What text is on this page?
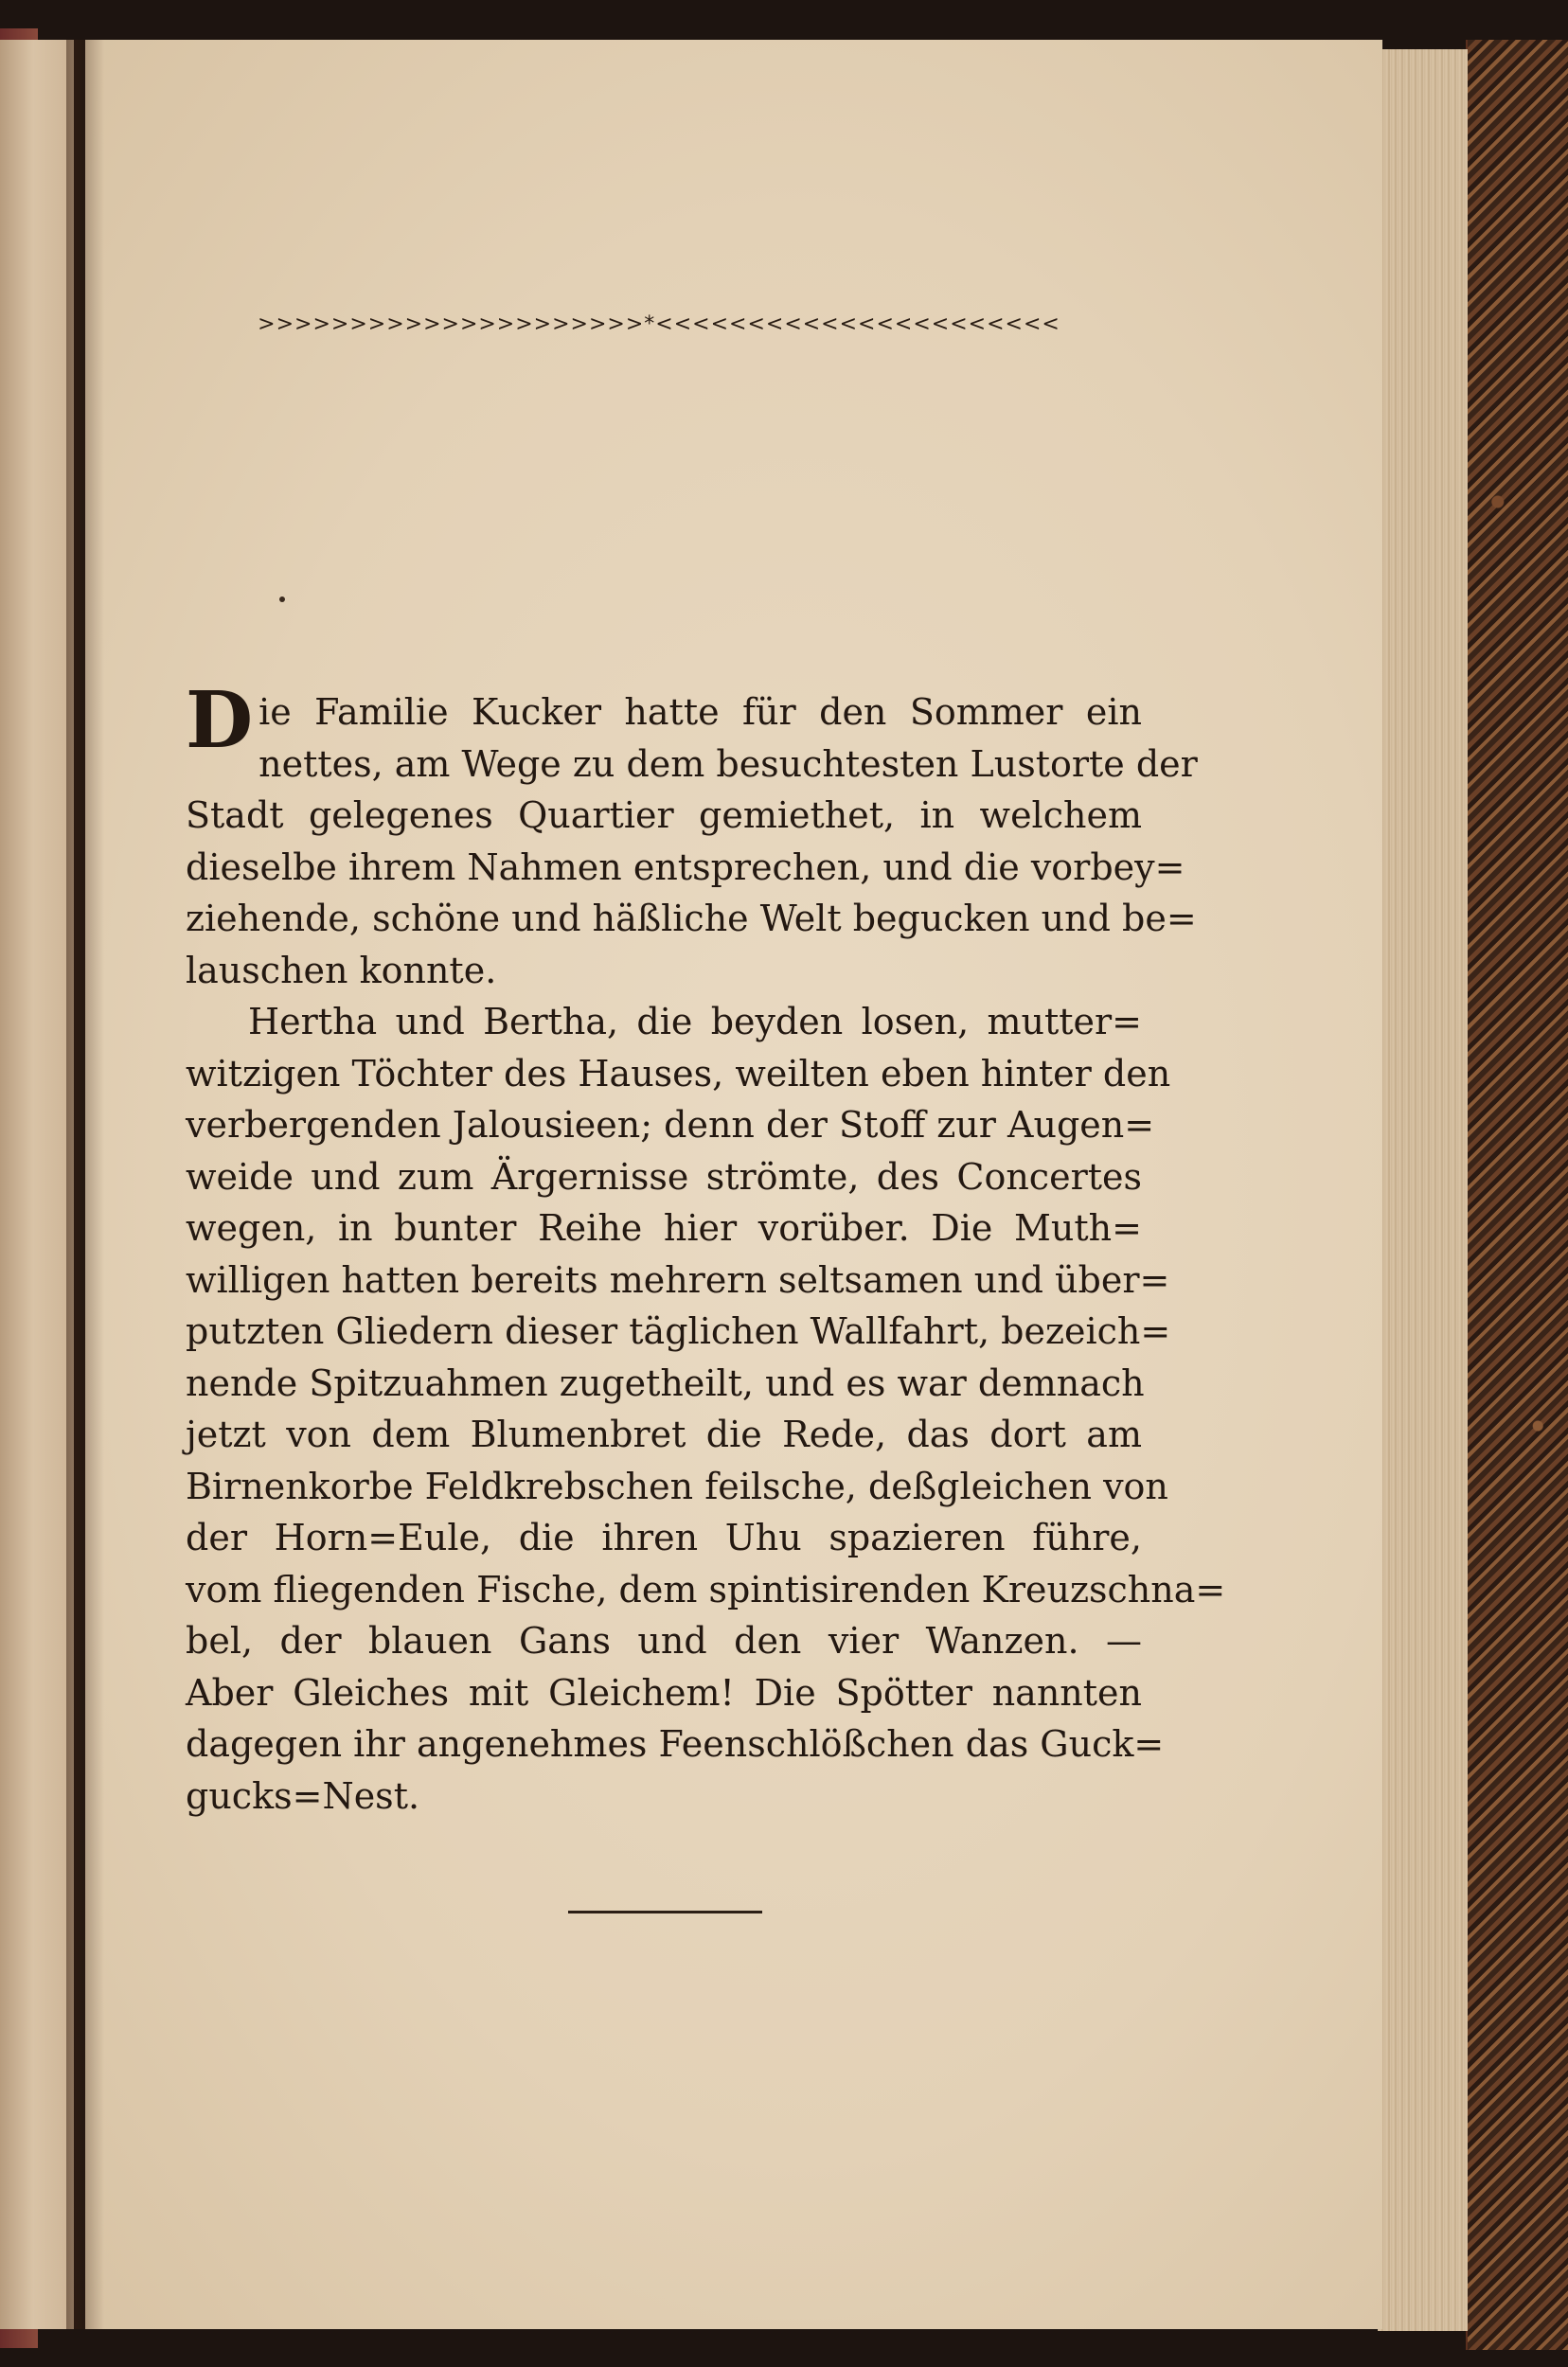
>>>>>>>>>>>>>>>>>>>>>*<<<<<<<<<<<<<<<<<<<<<<
D ie Familie Kucker hatte für den Sommer ein
nettes, am Wege zu dem besuchtesten Lustorte der
Stadt gelegenes Quartier gemiethet, in welchem
dieselbe ihrem Nahmen entsprechen, und die vorbey=
ziehende, schöne und häßliche Welt begucken und be=
lauschen konnte.
Hertha und Bertha, die beyden losen, mutter=
witzigen Töchter des Hauses, weilten eben hinter den
verbergenden Jalousieen; denn der Stoff zur Augen=
weide und zum Ärgernisse strömte, des Concertes
wegen, in bunter Reihe hier vorüber. Die Muth=
willigen hatten bereits mehrern seltsamen und über=
putzten Gliedern dieser täglichen Wallfahrt, bezeich=
nende Spitzuahmen zugetheilt, und es war demnach
jetzt von dem Blumenbret die Rede, das dort am
Birnenkorbe Feldkrebschen feilsche, deßgleichen von
der Horn=Eule, die ihren Uhu spazieren führe,
vom fliegenden Fische, dem spintisirenden Kreuzschna=
bel, der blauen Gans und den vier Wanzen. —
Aber Gleiches mit Gleichem! Die Spötter nannten
dagegen ihr angenehmes Feenschlößchen das Guck=
gucks=Nest.
